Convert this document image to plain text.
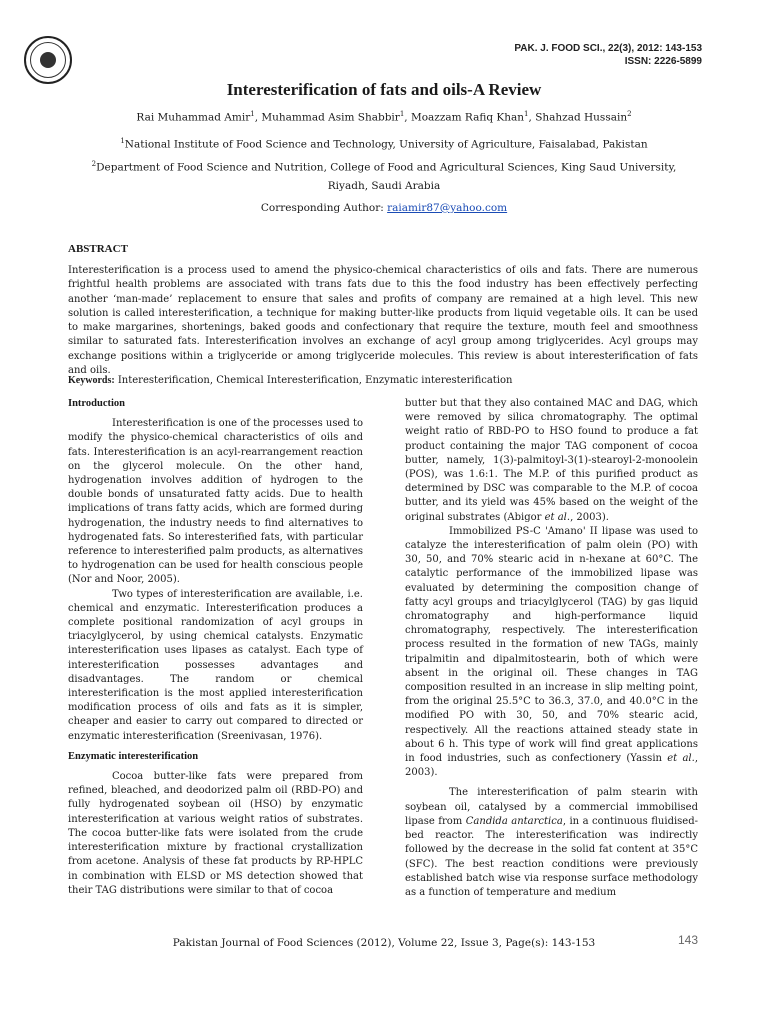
PAK. J. FOOD SCI., 22(3), 2012: 143-153
ISSN: 2226-5899
Interesterification of fats and oils-A Review
Rai Muhammad Amir$^1$, Muhammad Asim Shabbir$^1$, Moazzam Rafiq Khan$^1$, Shahzad Hussain$^2$
$^1$National Institute of Food Science and Technology, University of Agriculture, Faisalabad, Pakistan
$^2$Department of Food Science and Nutrition, College of Food and Agricultural Sciences, King Saud University,
Riyadh, Saudi Arabia
Corresponding Author: raiamir87@yahoo.com
ABSTRACT
Interesterification is a process used to amend the physico-chemical characteristics of oils and fats. There are numerous frightful health problems are associated with trans fats due to this the food industry has been effectively perfecting another ‘man-made’ replacement to ensure that sales and profits of company are remained at a high level. This new solution is called interesterification, a technique for making butter-like products from liquid vegetable oils. It can be used to make margarines, shortenings, baked goods and confectionary that require the texture, mouth feel and smoothness similar to saturated fats. Interesterification involves an exchange of acyl group among triglycerides. Acyl groups may exchange positions within a triglyceride or among triglyceride molecules. This review is about interesterification of fats and oils.
Keywords: Interesterification, Chemical Interesterification, Enzymatic interesterification
Introduction

Interesterification is one of the processes used to modify the physico-chemical characteristics of oils and fats. Interesterification is an acyl-rearrangement reaction on the glycerol molecule. On the other hand, hydrogenation involves addition of hydrogen to the double bonds of unsaturated fatty acids. Due to health implications of trans fatty acids, which are formed during hydrogenation, the industry needs to find alternatives to hydrogenated fats. So interesterified fats, with particular reference to interesterified palm products, as alternatives to hydrogenation can be used for health conscious people (Nor and Noor, 2005).

Two types of interesterification are available, i.e. chemical and enzymatic. Interesterification produces a complete positional randomization of acyl groups in triacylglycerol, by using chemical catalysts. Enzymatic interesterification uses lipases as catalyst. Each type of interesterification possesses advantages and disadvantages. The random or chemical interesterification is the most applied interesterification modification process of oils and fats as it is simpler, cheaper and easier to carry out compared to directed or enzymatic interesterification (Sreenivasan, 1976).

Enzymatic interesterification

Cocoa butter-like fats were prepared from refined, bleached, and deodorized palm oil (RBD-PO) and fully hydrogenated soybean oil (HSO) by enzymatic interesterification at various weight ratios of substrates. The cocoa butter-like fats were isolated from the crude interesterification mixture by fractional crystallization from acetone. Analysis of these fat products by RP-HPLC in combination with ELSD or MS detection showed that their TAG distributions were similar to that of cocoa

butter but that they also contained MAC and DAG, which were removed by silica chromatography. The optimal weight ratio of RBD-PO to HSO found to produce a fat product containing the major TAG component of cocoa butter, namely, 1(3)-palmitoyl-3(1)-stearoyl-2-monoolein (POS), was 1.6:1. The M.P. of this purified product as determined by DSC was comparable to the M.P. of cocoa butter, and its yield was 45% based on the weight of the original substrates (Abigor et al., 2003).

Immobilized PS-C 'Amano' II lipase was used to catalyze the interesterification of palm olein (PO) with 30, 50, and 70% stearic acid in n-hexane at 60°C. The catalytic performance of the immobilized lipase was evaluated by determining the composition change of fatty acyl groups and triacylglycerol (TAG) by gas liquid chromatography and high-performance liquid chromatography, respectively. The interesterification process resulted in the formation of new TAGs, mainly tripalmitin and dipalmitostearin, both of which were absent in the original oil. These changes in TAG composition resulted in an increase in slip melting point, from the original 25.5°C to 36.3, 37.0, and 40.0°C in the modified PO with 30, 50, and 70% stearic acid, respectively. All the reactions attained steady state in about 6 h. This type of work will find great applications in food industries, such as confectionery (Yassin et al., 2003).

The interesterification of palm stearin with soybean oil, catalysed by a commercial immobilised lipase from Candida antarctica, in a continuous fluidised-bed reactor. The interesterification was indirectly followed by the decrease in the solid fat content at 35°C (SFC). The best reaction conditions were previously established batch wise via response surface methodology as a function of temperature and medium

Pakistan Journal of Food Sciences (2012), Volume 22, Issue 3, Page(s): 143-153	143
